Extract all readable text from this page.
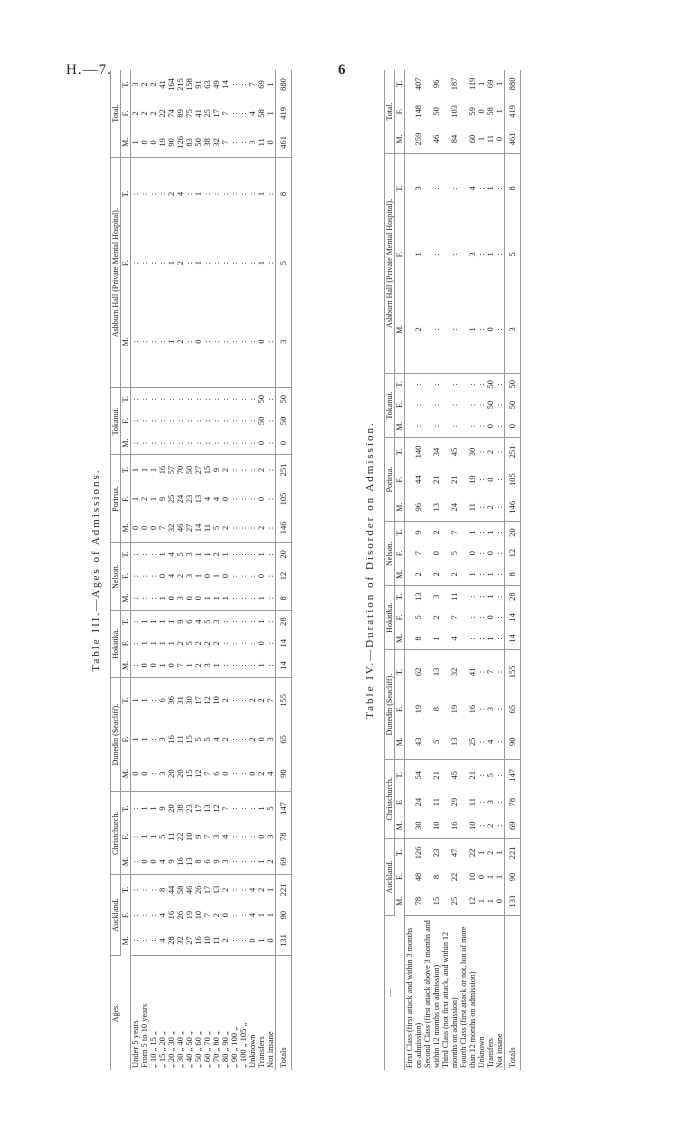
H.—7.	6
Table III.—Ages of Admissions.
Ages.	Auckland.			Christchurch.			Dunedin (Seacliff).			Hokitika.			Nelson.			Porirua.			Tokanui.			Ashburn Hall (Private Mental Hospital).			Total.		
	M.	F.	T.	M.	F.	T.	M.	F.	T.	M.	F.	T.	M.	F.	T.	M.	F.	T.	M.	F.	T.	M.	F.	T.	M.	F.	T.
Under 5 years	:	:	:	:	:	:	0	1	1	:	:	:	:	:	:	0	1	1	:	:	:	:	:	:	1	2	3
From 5 to 10 years	:	:	:	0	1	1	0	1	1	0	1	1	:	:	:	0	2	1	:	:	:	:	:	:	0	2	2
„ 10 „ 15 „	:	:	:	0	1	1	:	:	:	0	1	1	:	:	:	0	1	1	:	:	:	:	:	:	0	2	2
„ 15 „ 20 „	4	4	8	4	5	9	3	3	6	1	1	1	1	0	1	7	9	16	:	:	:	:	:	:	19	22	41
„ 20 „ 30 „	28	16	44	9	11	20	20	16	36	0	1	1	0	4	4	32	25	57	:	:	:	1	1	2	90	74	164
„ 30 „ 40 „	32	26	58	16	22	38	20	11	31	7	2	9	3	2	5	46	24	70	:	:	:	2	2	4	126	89	215
„ 40 „ 50 „	27	19	46	13	10	23	15	15	30	1	5	6	0	3	3	27	23	50	:	:	:	:	:	:	83	75	158
„ 50 „ 60 „	16	10	26	8	9	17	12	5	17	2	2	4	0	1	1	14	13	27	:	:	:	0	1	1	50	41	91
„ 60 „ 70 „	10	7	17	6	7	13	7	5	12	3	2	5	1	0	1	11	4	15	:	:	:	:	:	:	38	25	63
„ 70 „ 80 „	11	2	13	9	3	12	6	4	10	1	2	3	1	1	2	5	4	9	:	:	:	:	:	:	32	17	49
„ 80 „ 90 „	2	0	2	3	4	7	0	2	2	:	:	:	1	0	1	2	0	2	:	:	:	:	:	:	7	7	14
„ 90 „ 100 „	:	:	:	:	:	:	:	:	:	:	:	:	:	:	:	:	:	:	:	:	:	:	:	:	:	:	:
„ 100 „ 105 „	:	:	:	:	:	:	:	:	:	:	:	:	:	:	:	:	:	:	:	:	:	:	:	:	:	:	:
Unknown	0	4	4	:	:	:	0	2	2	:	:	:	:	:	:	:	:	:	:	:	:	:	:	:	3	4	7
Transfers	1	1	2	1	0	1	2	0	2	1	0	1	1	0	1	2	0	2	0	50	50	0	1	1	11	58	69
Not insane	0	1	1	2	3	5	4	3	7	:	:	:	:	:	:	:	:	:	:	:	:	:	:	:	0	1	1
Totals	131	90	221	69	78	147	90	65	155	14	14	28	8	12	20	146	105	251	0	50	50	3	5	8	461	419	880
Table IV.—Duration of Disorder on Admission.
—	Auckland.			Christchurch.			Dunedin (Seacliff).			Hokitika.			Nelson.			Porirua.			Tokanui.			Ashburn Hall (Private Mental Hospital).			Total.		
	M.	F.	T.	M.	F.	T.	M.	F.	T.	M.	F.	T.	M.	F.	T.	M.	F.	T.	M.	F.	T.	M.	F.	T.	M.	F.	T.
First Class (first attack and within 3 months on admission)	78	48	126	30	24	54	43	19	62	8	5	13	2	7	9	96	44	140	:	:	:	2	1	3	259	148	407
Second Class (first attack above 3 months and within 12 months on admission)	15	8	23	10	11	21	5	8	13	1	2	3	2	0	2	13	21	34	:	:	:	:	:	:	46	50	96
Third Class (not first attack, and within 12 months on admission)	25	22	47	16	29	45	13	19	32	4	7	11	2	5	7	24	21	45	:	:	:	:	:	:	84	103	187
Fourth Class (first attack or not, but of more than 12 months on admission)	12	10	22	10	11	21	25	16	41	:	:	:	1	0	1	11	19	30	:	:	:	1	3	4	60	59	119
Unknown	1	0	1	:	:	:	:	:	:	:	:	:	:	:	:	:	:	:	:	:	:	:	:	:	1	0	1
Transfers	1	1	2	2	3	5	4	3	7	1	0	1	1	0	1	2	0	2	0	50	50	0	1	1	11	58	69
Not insane	0	1	1	:	:	:	:	:	:	:	:	:	:	:	:	:	:	:	:	:	:	:	:	:	0	1	1
Totals	131	90	221	69	78	147	90	65	155	14	14	28	8	12	20	146	105	251	0	50	50	3	5	8	461	419	880
